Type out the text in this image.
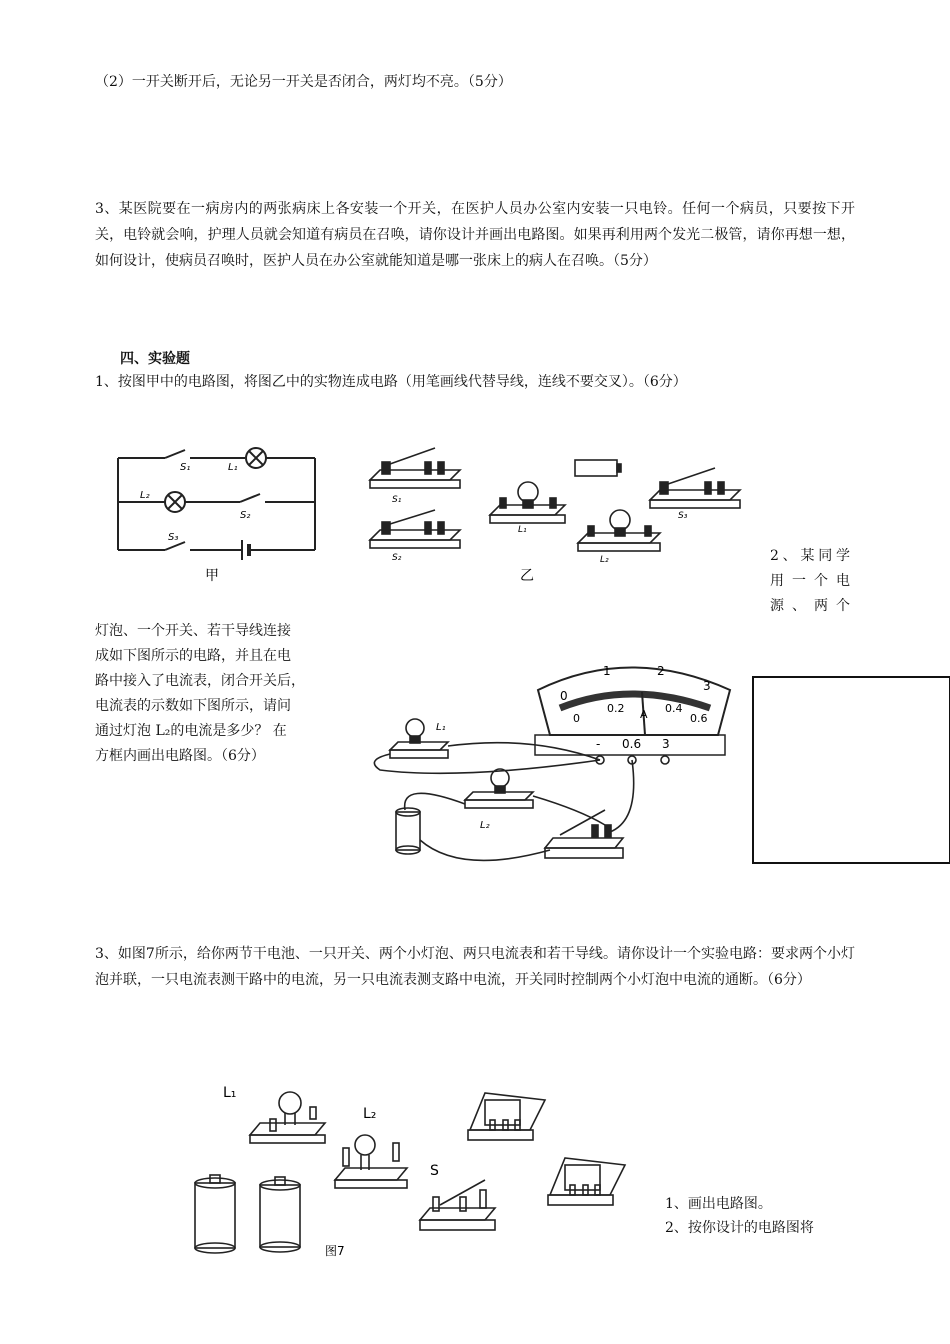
（2）一开关断开后，无论另一开关是否闭合，两灯均不亮。（5分）
3、某医院要在一病房内的两张病床上各安装一个开关，在医护人员办公室内安装一只电铃。任何一个病员，只要按下开关，电铃就会响，护理人员就会知道有病员在召唤，请你设计并画出电路图。如果再利用两个发光二极管，请你再想一想，如何设计，使病员召唤时，医护人员在办公室就能知道是哪一张床上的病人在召唤。（5分）
四、实验题
1、按图甲中的电路图，将图乙中的实物连成电路（用笔画线代替导线，连线不要交叉）。（6分）
S₁	L₁
L₂
S₂
S₃
甲
S₁
S₃
L₁
S₂	L₂
乙
2、某同学
用 一 个 电
源 、 两 个
灯泡、一个开关、若干导线连接
成如下图所示的电路，并且在电
路中接入了电流表，闭合开关后，
电流表的示数如下图所示，请问
通过灯泡 L₂的电流是多少？ 在
方框内画出电路图。（6分）
0
1	2
3
0
0.2	0.4
0.6
A
- 0.6 3
L₁
L₂
3、如图7所示，给你两节干电池、一只开关、两个小灯泡、两只电流表和若干导线。请你设计一个实验电路：要求两个小灯泡并联，一只电流表测干路中的电流，另一只电流表测支路中电流，开关同时控制两个小灯泡中电流的通断。（6分）
L₁
L₂
S
图7
1、画出电路图。
2、按你设计的电路图将
